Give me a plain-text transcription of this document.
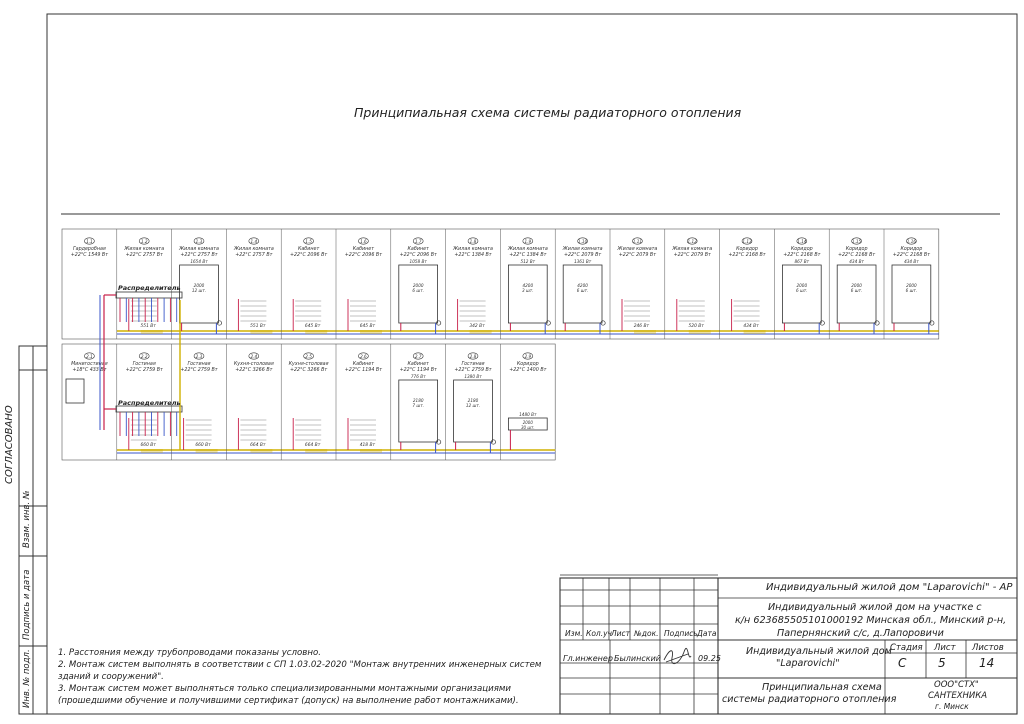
1.1
Гардеробная
+22°C 1549 Вт
1.2
Жилая комната
+22°C 2757 Вт
551 Вт
1.3
Жилая комната
+22°C 2757 Вт
1654 Вт
2000
12 шт.
1.4
Жилая комната
+22°C 2757 Вт
551 Вт
1.5
Кабинет
+22°C 2096 Вт
645 Вт
1.6
Кабинет
+22°C 2096 Вт
645 Вт
1.7
Кабинет
+22°C 2096 Вт
1058 Вт
2000
6 шт.
1.8
Жилая комната
+22°C 1384 Вт
342 Вт
1.9
Жилая комната
+22°C 1384 Вт
512 Вт
4200
3 шт.
1.10
Жилая комната
+22°C 2079 Вт
1361 Вт
4200
6 шт.
1.11
Жилая комната
+22°C 2079 Вт
246 Вт
1.12
Жилая комната
+22°C 2079 Вт
520 Вт
1.13
Коридор
+22°C 2168 Вт
434 Вт
1.14
Коридор
+22°C 2168 Вт
867 Вт
2000
6 шт.
1.15
Коридор
+22°C 2168 Вт
434 Вт
2000
6 шт.
1.16
Коридор
+22°C 2168 Вт
434 Вт
2000
6 шт.
2.1
Минигостиная
+18°C 433 Вт
2.2
Гостиная
+22°C 2759 Вт
660 Вт
2.3
Гостиная
+22°C 2759 Вт
660 Вт
2.4
Кухня-столовая
+22°C 3266 Вт
664 Вт
2.5
Кухня-столовая
+22°C 3266 Вт
664 Вт
2.6
Кабинет
+22°C 1194 Вт
418 Вт
2.7
Кабинет
+22°C 1194 Вт
776 Вт
2180
7 шт.
2.8
Гостиная
+22°C 2759 Вт
1380 Вт
2180
12 шт.
2.9
Коридор
+22°C 1400 Вт
1480 Вт
2000
30 шт.
Принципиальная схема системы радиаторного отопления
Распределитель
Распределитель
СОГЛАСОВАНО
Взам. инв. №
Подпись и дата
Инв. № подл.	1. Расстояния между трубопроводами показаны условно.
2. Монтаж систем выполнять в соответствии с СП 1.03.02-2020 "Монтаж внутренних инженерных систем
зданий и сооружений".
3. Монтаж систем может выполняться только специализированными монтажными организациями
(прошедшими обучение и получившими сертификат (допуск) на выполнение работ монтажниками).
Индивидуальный жилой дом "Laparovichi" - АР
Индивидуальный жилой дом на участке с
к/н 623685505101000192 Минская обл., Минский р-н,
Папернянский с/с, д.Лапоровичи
Изм. Кол.уч Лист №док. Подпись Дата
Гл.инженер Былинский	09.25
Индивидуальный жилой дом
"Laparovichi"
Стадия Лист Листов
С	5	14
Принципиальная схема
системы радиаторного отопления
ООО"СТХ"
САНТЕХНИКА
г. Минск
